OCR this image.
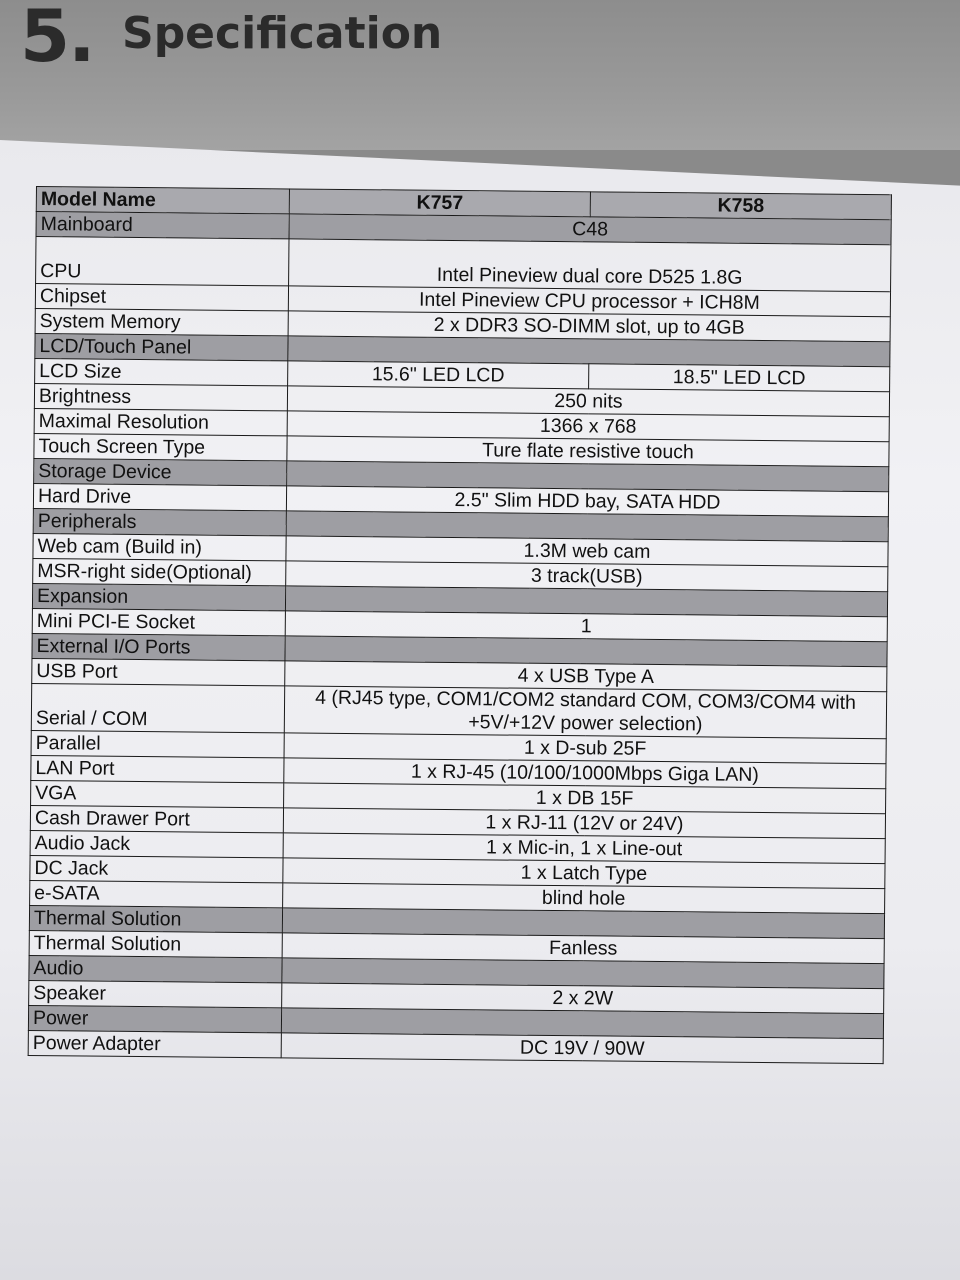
5. Specification
Model Name	K757	K758
Mainboard	C48	
CPU	Intel Pineview dual core D525 1.8G	
Chipset	Intel Pineview CPU processor + ICH8M	
System Memory	2 x DDR3 SO-DIMM slot, up to 4GB	
LCD/Touch Panel		
LCD Size	15.6" LED LCD	18.5" LED LCD
Brightness	250 nits	
Maximal Resolution	1366 x 768	
Touch Screen Type	Ture flate resistive touch	
Storage Device		
Hard Drive	2.5" Slim HDD bay, SATA HDD	
Peripherals		
Web cam (Build in)	1.3M web cam	
MSR-right side(Optional)	3 track(USB)	
Expansion		
Mini PCI-E Socket	1	
External I/O Ports		
USB Port	4 x USB Type A	
Serial / COM	4 (RJ45 type, COM1/COM2 standard COM, COM3/COM4 with +5V/+12V power selection)	
Parallel	1 x D-sub 25F	
LAN Port	1 x RJ-45 (10/100/1000Mbps Giga LAN)	
VGA	1 x DB 15F	
Cash Drawer Port	1 x RJ-11 (12V or 24V)	
Audio Jack	1 x Mic-in, 1 x Line-out	
DC Jack	1 x Latch Type	
e-SATA	blind hole	
Thermal Solution		
Thermal Solution	Fanless	
Audio		
Speaker	2 x 2W	
Power		
Power Adapter	DC 19V / 90W	
